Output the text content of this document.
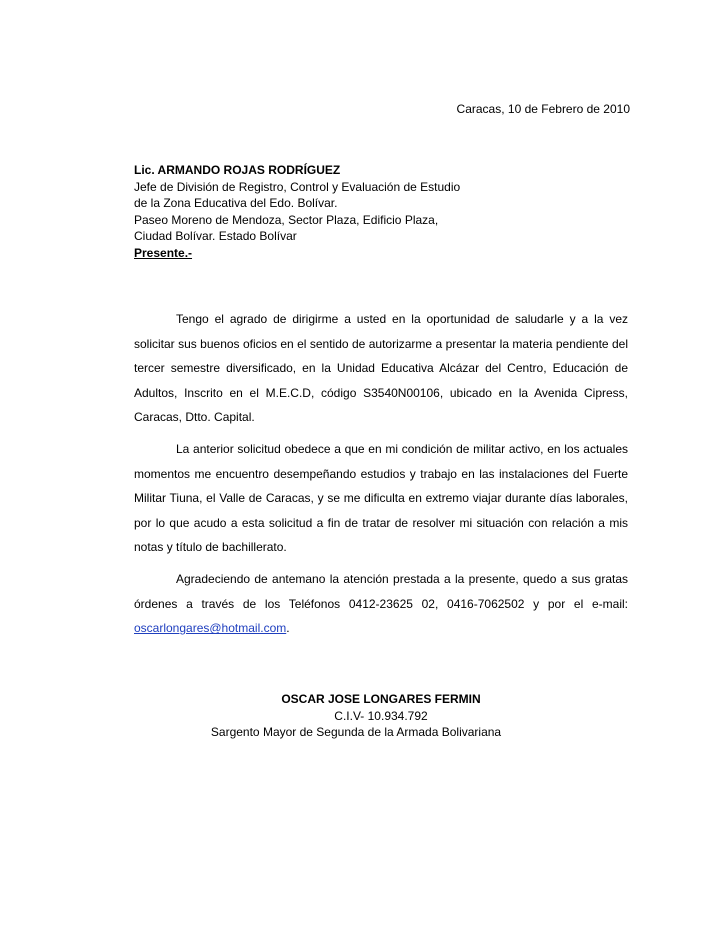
Caracas, 10 de Febrero de 2010
Lic. ARMANDO ROJAS RODRÍGUEZ
Jefe de División de Registro, Control y Evaluación de Estudio
de la Zona Educativa del Edo. Bolívar.
Paseo Moreno de Mendoza, Sector Plaza, Edificio Plaza,
Ciudad Bolívar. Estado Bolívar
Presente.-
Tengo el agrado de dirigirme a usted en la oportunidad de saludarle y a la vez solicitar sus buenos oficios en el sentido de autorizarme a presentar la materia pendiente del tercer semestre diversificado, en la Unidad Educativa Alcázar del Centro, Educación de Adultos, Inscrito en el M.E.C.D, código S3540N00106, ubicado en la Avenida Cipress, Caracas, Dtto. Capital.
La anterior solicitud obedece a que en mi condición de militar activo, en los actuales momentos me encuentro desempeñando estudios y trabajo en las instalaciones del Fuerte Militar Tiuna, el Valle de Caracas, y se me dificulta en extremo viajar durante días laborales, por lo que acudo a esta solicitud a fin de tratar de resolver mi situación con relación a mis notas y título de bachillerato.
Agradeciendo de antemano la atención prestada a la presente, quedo a sus gratas órdenes a través de los Teléfonos 0412-23625 02, 0416-7062502 y por el e-mail: oscarlongares@hotmail.com.
OSCAR JOSE LONGARES FERMIN
C.I.V- 10.934.792
Sargento Mayor de Segunda de la Armada Bolivariana
